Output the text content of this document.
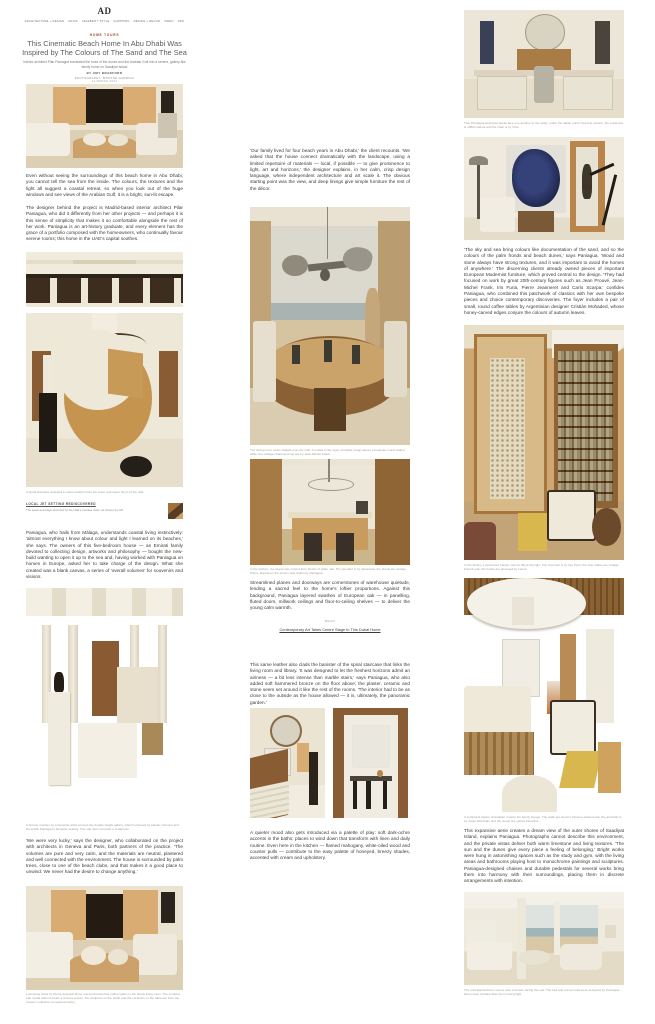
AD
ARCHITECTURE + DESIGN AD100 CELEBRITY STYLE SHOPPING DESIGN + DECOR VIDEO PRO
HOME TOURS
This Cinematic Beach Home In Abu Dhabi Was
Inspired by The Colours of The Sand and The Sea
Interior architect Pilar Paniagua translated the hues of the dunes and the Arabian Gulf into a serene, gallery-like family home on Saadiyat Island
BY AMY BRADFORD
PHOTOGRAPHY: MONTSE GARRIGA
12 MARCH 2024
Even without seeing the surroundings of this beach home in Abu Dhabi, you cannot tell the sea from the inside. The colours, the textures and the light all suggest a coastal retreat, so when you look out of the huge windows and see views of the Arabian Gulf, it is a bright, sun-lit escape.
The designer behind the project is Madrid-based interior architect Pilar Paniagua, who did it differently from her other projects — and perhaps it is this sense of simplicity that makes it so comfortable alongside the rest of her work. Paniagua is an art-history graduate, and every element has the grace of a portfolio composed with the homeowners, who continually favour serene rooms; this home in the UAE's capital soothes.
A spiral staircase wrapped in camel leather links the lower and upper floors of the villa.
LOCAL JET SETTING REDISCOVERED
The spots and stays favoured by the UAE's creative class, as chosen by AD
Paniagua, who hails from Málaga, understands coastal living instinctively: 'almost everything I know about colour and light I learned on its beaches,' she says. The owners of this five-bedroom house — an Emirati family devoted to collecting design, artworks and philosophy — bought the new-build wanting to open it up to the sea and, having worked with Paniagua on homes in Europe, asked her to take charge of the design. What she created was a blank canvas, a series of 'overall volumes' for souvenirs and visions.
A bronze monkey by a favourite artist surveys the double-height gallery, which is framed by plaster columns and lined with Paniagua's bespoke seating. The oak door conceals a cloakroom.
'We were very lucky,' says the designer, who collaborated on the project with architects in Geneva and Paris, both partners of the practice. 'The volumes are pure and very calm, and the materials are neutral, plastered and well connected with the environment. The house is surrounded by palm trees, close to one of the beach clubs, and that makes it a good place to unwind. We never had the desire to change anything.'
Low-slung sofas by Pierre Augustin Rose surround travertine coffee tables in the family living room. The smoked-oak media wall conceals a cinema screen; the sculpture on the plinth and the ceramics on the table are from the owners' collection of regional works.
'Our family lived for four beach years in Abu Dhabi,' the client recounts. 'We asked that the house connect dramatically with the landscape, using a limited repertoire of materials — local, if possible — to give prominence to light, art and horizons,' the designer explains, in her calm, crisp design language, where independent architecture and art scale it. The obvious starting point was the view, and deep linings give simple furniture the rest of the décor.
The dining room looks straight onto the Gulf. A mobile in the style of Calder hangs above a bespoke round walnut table; the vintage chairs and rug are by Jean-Michel Frank.
In the kitchen, the island was carved from blocks of white oak. The pendant is by Apparatus; the stools are vintage Pierre Jeanneret; the joinery was drawn by Paniagua.
Streamlined planes and doorways are cornerstones of warehouse quietude, lending a sacred feel to the home's loftier proportions. Against this background, Paniagua layered swathes of European oak — in panelling, fluted doors, millwork ceilings and floor-to-ceiling shelves — to deliver the young calm warmth.
READ
Contemporary Art Takes Centre Stage In This Dubai Home
This same leather also clads the banister of the spiral staircase that links the living room and library. 'It was designed to let the freshest horizons admit an airiness — a bit less intense than marble stairs,' says Paniagua, who also added soft hammered bronze on the floor above; the plaster, ceramic and stone seem set around it like the rest of the rooms. 'The interior had to be as close to the outside as the house allowed — it is, ultimately, the panoramic garden.'
A quieter mood also gets introduced via a palette of play: soft dark-ochre accents in the baths; places to wind down that transform with linen and daily routine. Even here in the kitchen — flamed mahogany, white-oiled wood and counter pulls — contribute to the easy palette of honeyed, breezy shades, accented with cream and upholstery.
Twin Paniagua-designed desks face one another in the study, under the Italian mirror found at auction; the credenza is 1950s walnut and the chair is by Vitra.
'The sky and sea bring colours like documentation of the sand, and so the colours of the palm fronds and beach dunes,' says Paniagua. 'Wood and stone always have strong textures, and it was important to avoid the homes of anywhere.' The discerning clients already owned pieces of important European Modernist furniture, which proved central to the design. 'They had focused on work by great 20th-century figures such as Jean Prouvé, Jean-Michel Frank, Iris Furia, Pierre Jeanneret and Carlo Scarpa,' confides Paniagua, who combined this patchwork of classics with her own bespoke pieces and choice contemporary discoveries. The foyer includes a pair of small, round coffee tables by Argentinian designer Cristián Mohaded, whose honey-carved edges conjure the colours of autumn leaves.
In the library, a perforated plaster column filters the light. The armchair is by Gio Ponti; the side tables are vintage French oak; the books are arranged by colour.
A sculptural plaster chandelier crowns the family lounge. The walls are lined in tobacco-stained oak; the armchair is by Jorge Zalszupin and the stools are yellow travertine.
This expansive aerie creates a dream view of the outer shores of Saadiyat Island, explains Paniagua. Photographs cannot describe this environment, and the private vistas deliver both warm limestone and living textures. 'The sun and the dunes give every piece a feeling of belonging.' Bright works were hung in astonishing spaces such as the study and gym, with the living areas and bathrooms playing host to monochrome paintings and sculptures. Paniagua-designed chaises and durable pedestals for several works bring them into harmony with their surroundings, placing them in discrete arrangements with intention.
The principal bedroom opens onto a terrace facing the sea. The bed and curved sofa were designed by Paniagua; sheer linen curtains filter the morning light.
